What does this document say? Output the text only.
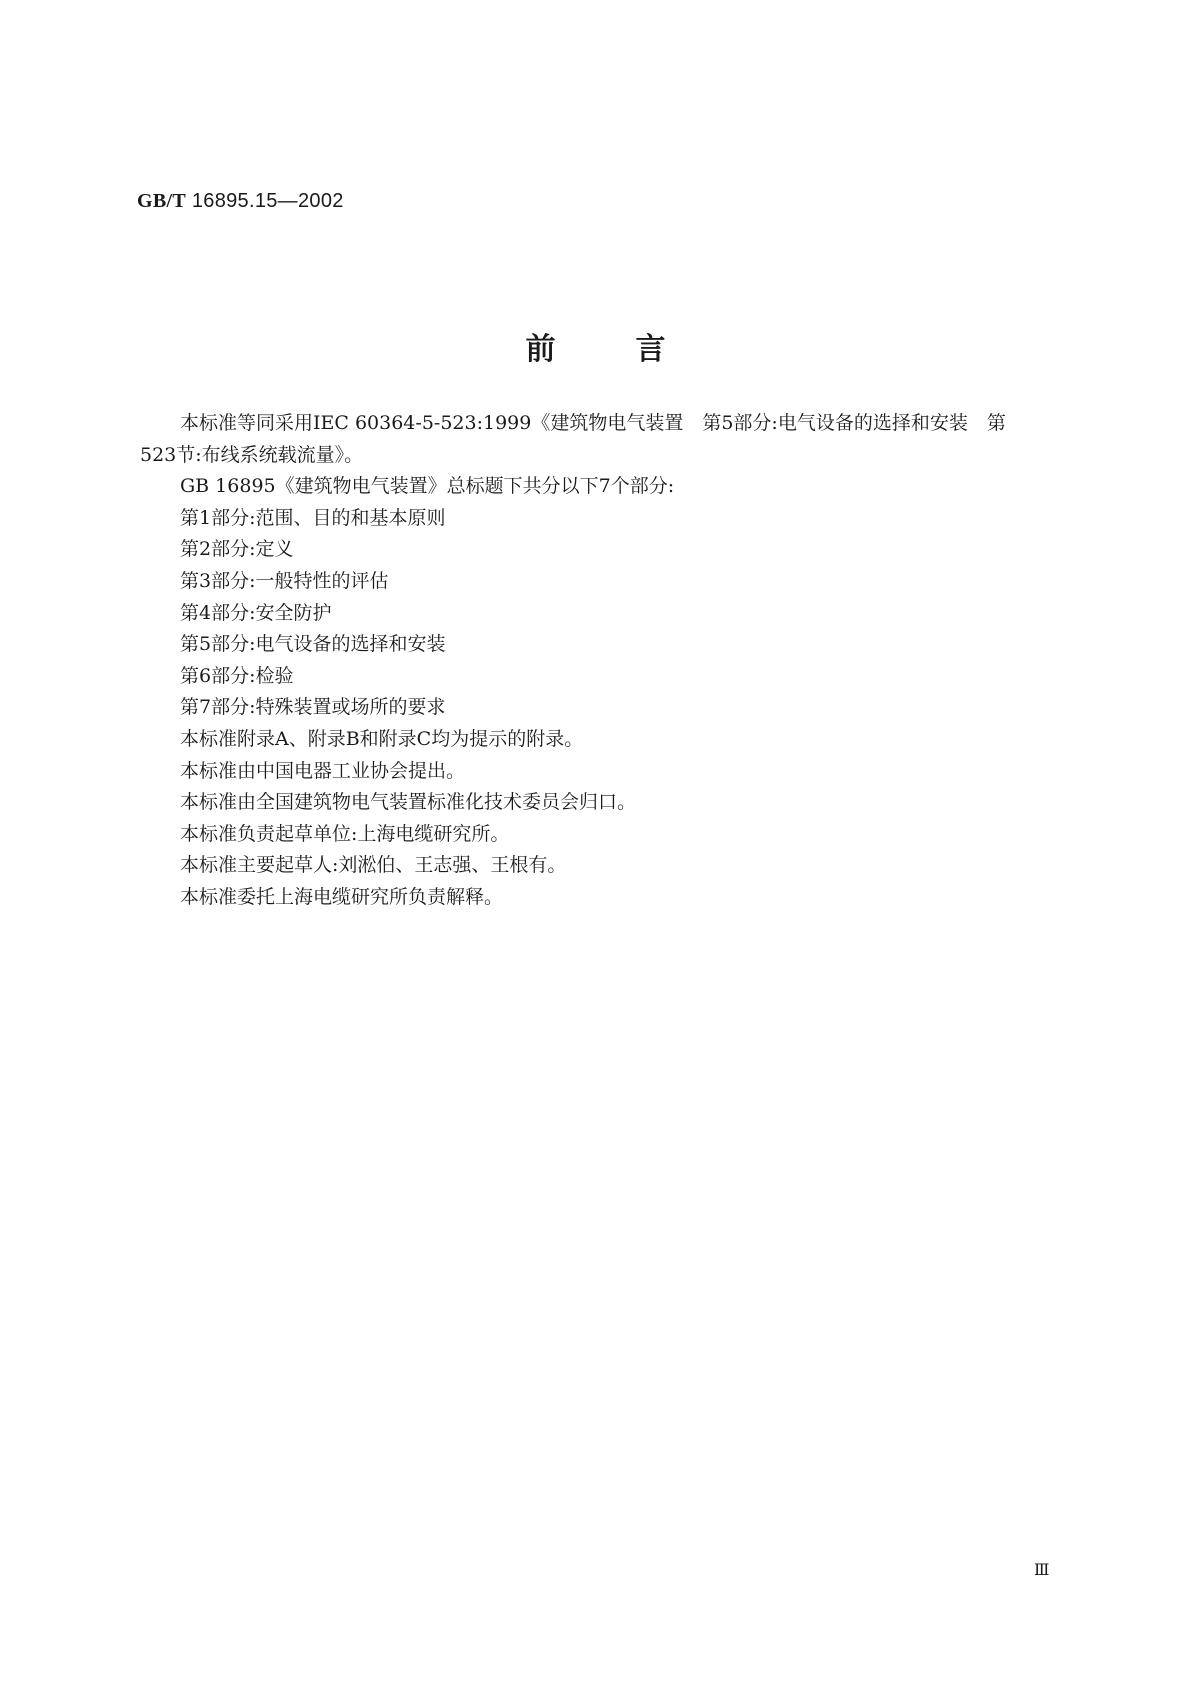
GB/T 16895.15—2002
前言

本标准等同采用IEC 60364-5-523:1999《建筑物电气装置　第5部分:电气设备的选择和安装　第
523节:布线系统载流量》。

GB 16895《建筑物电气装置》总标题下共分以下7个部分:

第1部分:范围、目的和基本原则

第2部分:定义

第3部分:一般特性的评估

第4部分:安全防护

第5部分:电气设备的选择和安装

第6部分:检验

第7部分:特殊装置或场所的要求

本标准附录A、附录B和附录C均为提示的附录。

本标准由中国电器工业协会提出。

本标准由全国建筑物电气装置标准化技术委员会归口。

本标准负责起草单位:上海电缆研究所。

本标准主要起草人:刘淞伯、王志强、王根有。

本标准委托上海电缆研究所负责解释。

Ⅲ
